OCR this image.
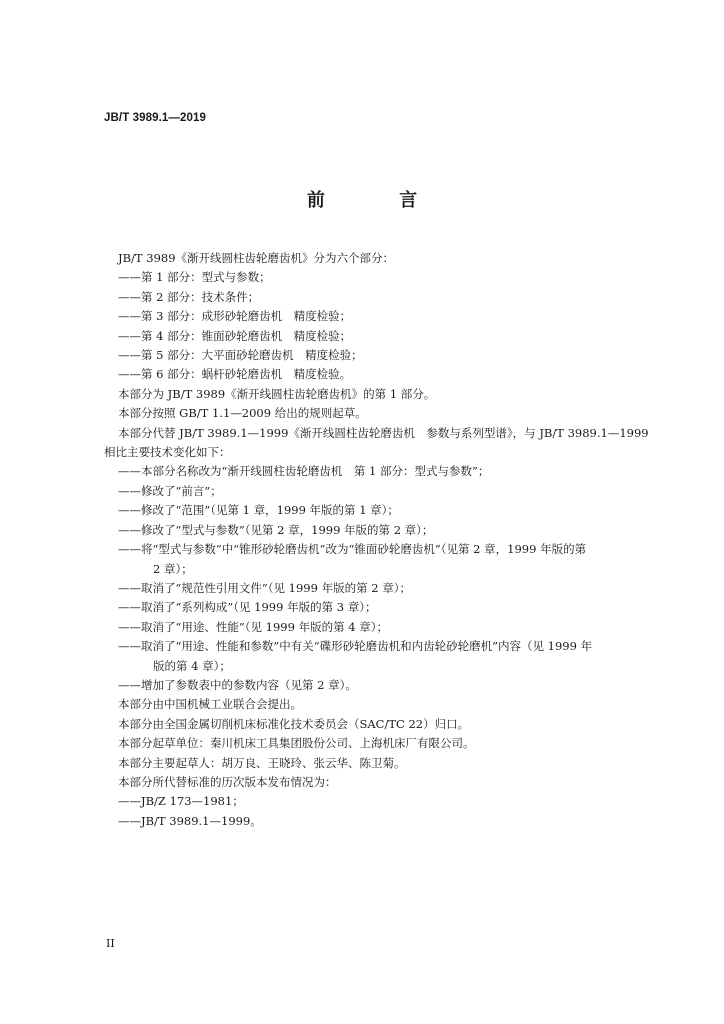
JB/T 3989.1—2019
前 言
JB/T 3989《渐开线圆柱齿轮磨齿机》分为六个部分：
——第 1 部分：型式与参数；
——第 2 部分：技术条件；
——第 3 部分：成形砂轮磨齿机　精度检验；
——第 4 部分：锥面砂轮磨齿机　精度检验；
——第 5 部分：大平面砂轮磨齿机　精度检验；
——第 6 部分：蜗杆砂轮磨齿机　精度检验。
本部分为 JB/T 3989《渐开线圆柱齿轮磨齿机》的第 1 部分。
本部分按照 GB/T 1.1—2009 给出的规则起草。
本部分代替 JB/T 3989.1—1999《渐开线圆柱齿轮磨齿机　参数与系列型谱》，与 JB/T 3989.1—1999
相比主要技术变化如下：
——本部分名称改为“渐开线圆柱齿轮磨齿机　第 1 部分：型式与参数”；
——修改了“前言”；
——修改了“范围”（见第 1 章，1999 年版的第 1 章）；
——修改了“型式与参数”（见第 2 章，1999 年版的第 2 章）；
——将“型式与参数”中“锥形砂轮磨齿机”改为“锥面砂轮磨齿机”（见第 2 章，1999 年版的第
2 章）；
——取消了“规范性引用文件”（见 1999 年版的第 2 章）；
——取消了“系列构成”（见 1999 年版的第 3 章）；
——取消了“用途、性能”（见 1999 年版的第 4 章）；
——取消了“用途、性能和参数”中有关“碟形砂轮磨齿机和内齿轮砂轮磨机”内容（见 1999 年
版的第 4 章）；
——增加了参数表中的参数内容（见第 2 章）。
本部分由中国机械工业联合会提出。
本部分由全国金属切削机床标准化技术委员会（SAC/TC 22）归口。
本部分起草单位：秦川机床工具集团股份公司、上海机床厂有限公司。
本部分主要起草人：胡万良、王晓玲、张云华、陈卫菊。
本部分所代替标准的历次版本发布情况为：
——JB/Z 173—1981；
——JB/T 3989.1—1999。
II
